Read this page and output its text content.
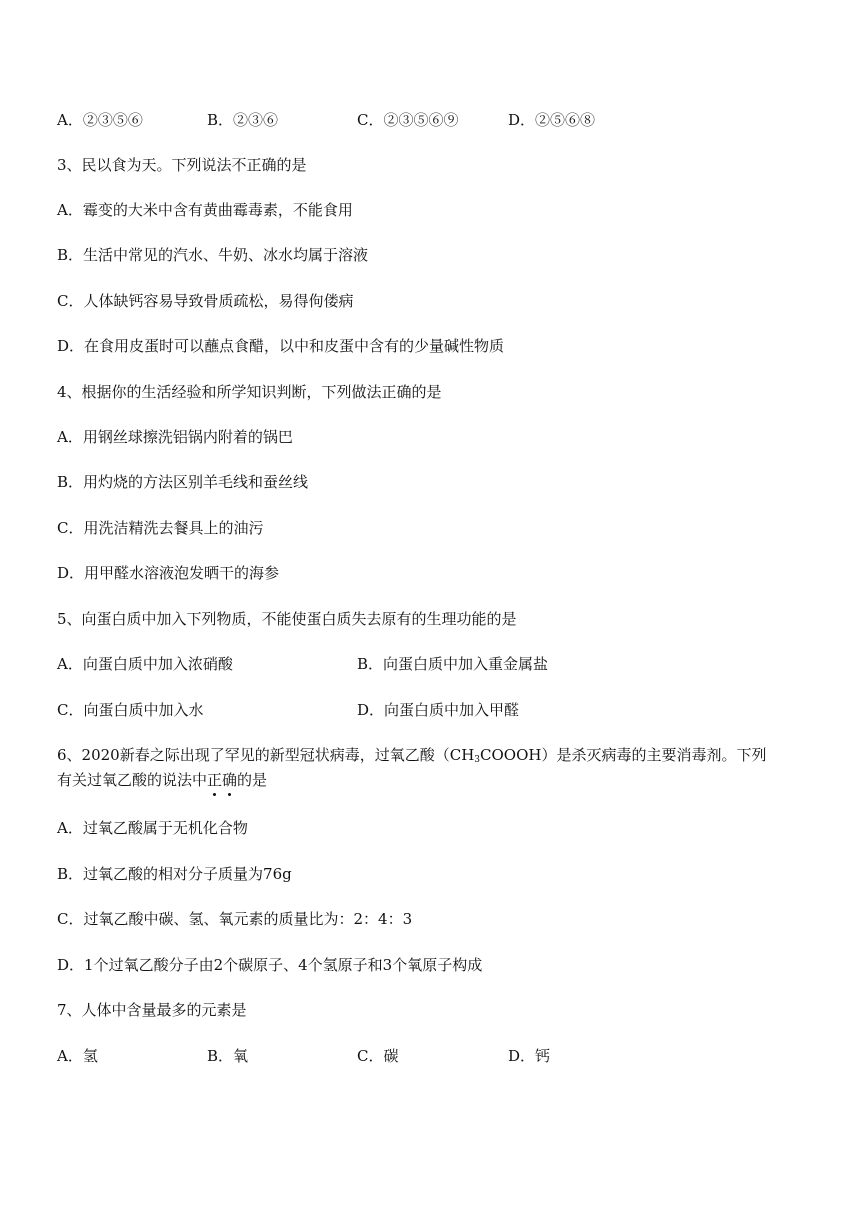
A．②③⑤⑥	B．②③⑥	C．②③⑤⑥⑨	D．②⑤⑥⑧
3、民以食为天。下列说法不正确的是
A．霉变的大米中含有黄曲霉毒素，不能食用
B．生活中常见的汽水、牛奶、冰水均属于溶液
C．人体缺钙容易导致骨质疏松，易得佝偻病
D．在食用皮蛋时可以蘸点食醋，以中和皮蛋中含有的少量碱性物质
4、根据你的生活经验和所学知识判断，下列做法正确的是
A．用钢丝球擦洗铝锅内附着的锅巴
B．用灼烧的方法区别羊毛线和蚕丝线
C．用洗洁精洗去餐具上的油污
D．用甲醛水溶液泡发晒干的海参
5、向蛋白质中加入下列物质，不能使蛋白质失去原有的生理功能的是
A．向蛋白质中加入浓硝酸	B．向蛋白质中加入重金属盐
C．向蛋白质中加入水	D．向蛋白质中加入甲醛
6、2020新春之际出现了罕见的新型冠状病毒，过氧乙酸$(CH_3COOOH)$是杀灭病毒的主要消毒剂。下列
有关过氧乙酸的说法中正确的是
A．过氧乙酸属于无机化合物
B．过氧乙酸的相对分子质量为76g
C．过氧乙酸中碳、氢、氧元素的质量比为：2：4：3
D．1个过氧乙酸分子由2个碳原子、4个氢原子和3个氧原子构成
7、人体中含量最多的元素是
A．氢	B．氧	C．碳	D．钙
